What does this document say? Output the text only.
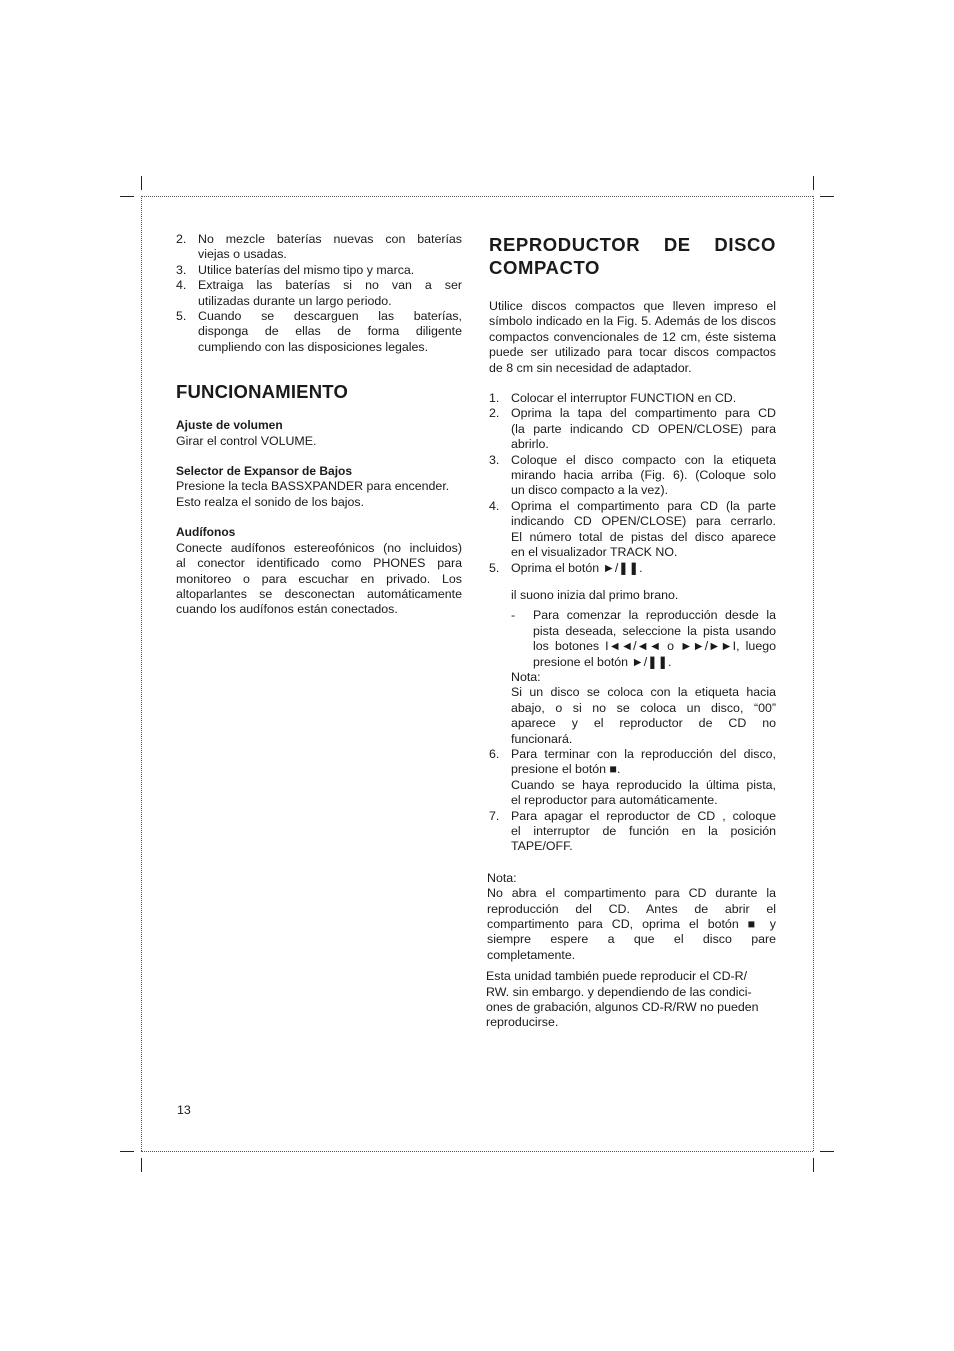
2. No mezcle baterías nuevas con baterías

viejas o usadas.

3. Utilice baterías del mismo tipo y marca.

4. Extraiga las baterías si no van a ser

utilizadas durante un largo periodo.

5. Cuando se descarguen las baterías,

disponga de ellas de forma diligente

cumpliendo con las disposiciones legales.

FUNCIONAMIENTO

Ajuste de volumen

Girar el control VOLUME.

Selector de Expansor de Bajos

Presione la tecla BASSXPANDER para encender.

Esto realza el sonido de los bajos.

Audífonos

Conecte audífonos estereofónicos (no incluidos)

al conector identificado como PHONES para

monitoreo o para escuchar en privado. Los

altoparlantes se desconectan automáticamente

cuando los audífonos están conectados.

REPRODUCTOR DE DISCO

COMPACTO

Utilice discos compactos que lleven impreso el

símbolo indicado en la Fig. 5. Además de los discos

compactos convencionales de 12 cm, éste sistema

puede ser utilizado para tocar discos compactos

de 8 cm sin necesidad de adaptador.

1. Colocar el interruptor FUNCTION en CD.

2. Oprima la tapa del compartimento para CD

(la parte indicando CD OPEN/CLOSE) para

abrirlo.

3. Coloque el disco compacto con la etiqueta

mirando hacia arriba (Fig. 6). (Coloque solo

un disco compacto a la vez).

4. Oprima el compartimento para CD (la parte

indicando CD OPEN/CLOSE) para cerrarlo.

El número total de pistas del disco aparece

en el visualizador TRACK NO.

5. Oprima el botón ►/❚❚.

il suono inizia dal primo brano.

- Para comenzar la reproducción desde la

pista deseada, seleccione la pista usando

los botones I◄◄/◄◄ o ►►/►►I, luego

presione el botón ►/❚❚.

Nota:

Si un disco se coloca con la etiqueta hacia

abajo, o si no se coloca un disco, “00”

aparece y el reproductor de CD no

funcionará.

6. Para terminar con la reproducción del disco,

presione el botón ■.

Cuando se haya reproducido la última pista,

el reproductor para automáticamente.

7. Para apagar el reproductor de CD , coloque

el interruptor de función en la posición

TAPE/OFF.

Nota:

No abra el compartimento para CD durante la

reproducción del CD. Antes de abrir el

compartimento para CD, oprima el botón ■ y

siempre espere a que el disco pare

completamente.

Esta unidad también puede reproducir el CD-R/

RW. sin embargo. y dependiendo de las condici-

ones de grabación, algunos CD-R/RW no pueden

reproducirse.

13
